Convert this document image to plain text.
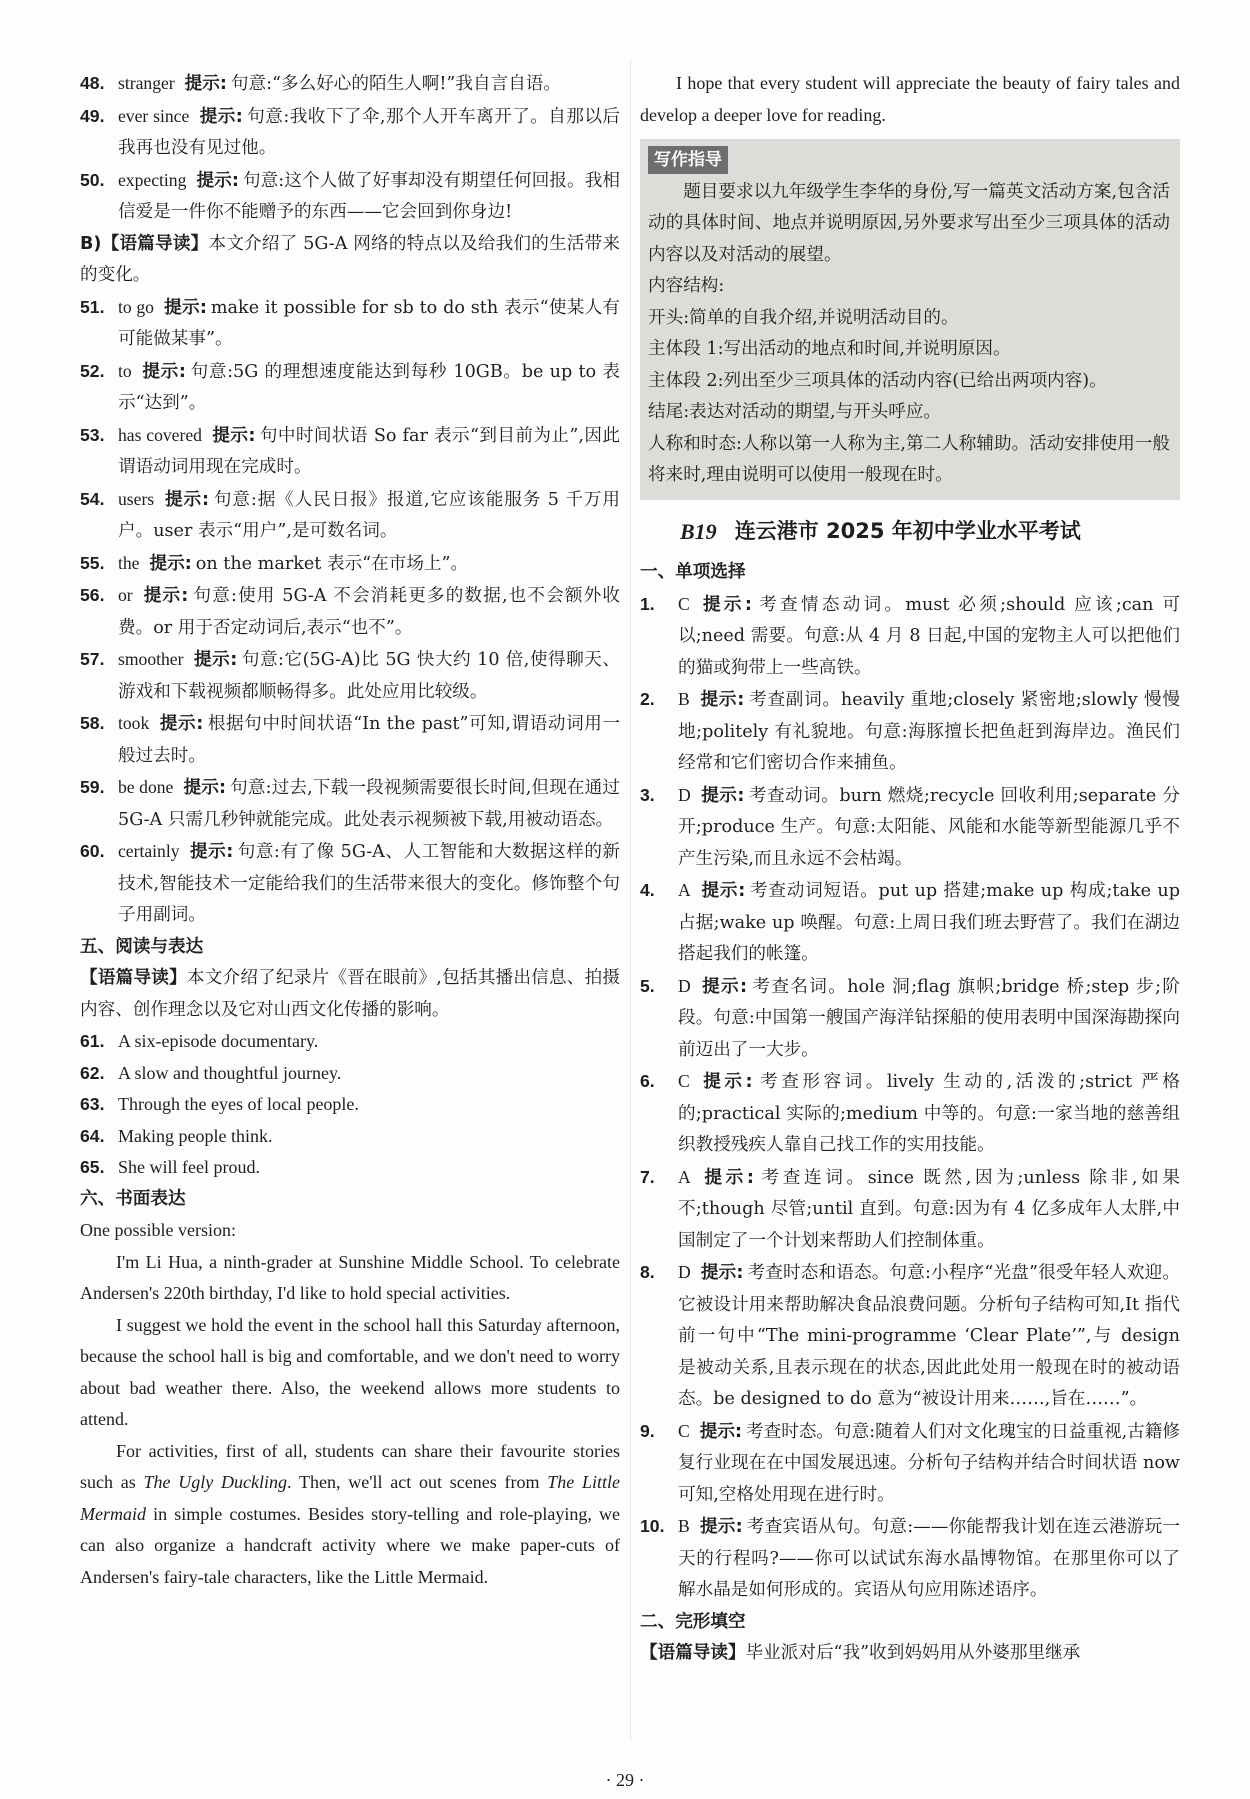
48. stranger 提示: 句意:“多么好心的陌生人啊!”我自言自语。

49. ever since 提示: 句意:我收下了伞,那个人开车离开了。自那以后我再也没有见过他。

50. expecting 提示: 句意:这个人做了好事却没有期望任何回报。我相信爱是一件你不能赠予的东西——它会回到你身边!

B)【语篇导读】本文介绍了 5G-A 网络的特点以及给我们的生活带来的变化。

51. to go 提示: make it possible for sb to do sth 表示“使某人有可能做某事”。

52. to 提示: 句意:5G 的理想速度能达到每秒 10GB。be up to 表示“达到”。

53. has covered 提示: 句中时间状语 So far 表示“到目前为止”,因此谓语动词用现在完成时。

54. users 提示: 句意:据《人民日报》报道,它应该能服务 5 千万用户。user 表示“用户”,是可数名词。

55. the 提示: on the market 表示“在市场上”。

56. or 提示: 句意:使用 5G-A 不会消耗更多的数据,也不会额外收费。or 用于否定动词后,表示“也不”。

57. smoother 提示: 句意:它(5G-A)比 5G 快大约 10 倍,使得聊天、游戏和下载视频都顺畅得多。此处应用比较级。

58. took 提示: 根据句中时间状语“In the past”可知,谓语动词用一般过去时。

59. be done 提示: 句意:过去,下载一段视频需要很长时间,但现在通过 5G-A 只需几秒钟就能完成。此处表示视频被下载,用被动语态。

60. certainly 提示: 句意:有了像 5G-A、人工智能和大数据这样的新技术,智能技术一定能给我们的生活带来很大的变化。修饰整个句子用副词。

五、阅读与表达

【语篇导读】本文介绍了纪录片《晋在眼前》,包括其播出信息、拍摄内容、创作理念以及它对山西文化传播的影响。

61. A six-episode documentary.

62. A slow and thoughtful journey.

63. Through the eyes of local people.

64. Making people think.

65. She will feel proud.

六、书面表达

One possible version:

I'm Li Hua, a ninth-grader at Sunshine Middle School. To celebrate Andersen's 220th birthday, I'd like to hold special activities.

I suggest we hold the event in the school hall this Saturday afternoon, because the school hall is big and comfortable, and we don't need to worry about bad weather there. Also, the weekend allows more students to attend.

For activities, first of all, students can share their favourite stories such as The Ugly Duckling. Then, we'll act out scenes from The Little Mermaid in simple costumes. Besides story-telling and role-playing, we can also organize a handcraft activity where we make paper-cuts of Andersen's fairy-tale characters, like the Little Mermaid.

I hope that every student will appreciate the beauty of fairy tales and develop a deeper love for reading.

写作指导

题目要求以九年级学生李华的身份,写一篇英文活动方案,包含活动的具体时间、地点并说明原因,另外要求写出至少三项具体的活动内容以及对活动的展望。

内容结构:

开头:简单的自我介绍,并说明活动目的。

主体段 1:写出活动的地点和时间,并说明原因。

主体段 2:列出至少三项具体的活动内容(已给出两项内容)。

结尾:表达对活动的期望,与开头呼应。

人称和时态:人称以第一人称为主,第二人称辅助。活动安排使用一般将来时,理由说明可以使用一般现在时。

B19 连云港市 2025 年初中学业水平考试

一、单项选择

1.	C 提示: 考查情态动词。must 必须;should 应该;can 可以;need 需要。句意:从 4 月 8 日起,中国的宠物主人可以把他们的猫或狗带上一些高铁。

2.	B 提示: 考查副词。heavily 重地;closely 紧密地;slowly 慢慢地;politely 有礼貌地。句意:海豚擅长把鱼赶到海岸边。渔民们经常和它们密切合作来捕鱼。

3.	D 提示: 考查动词。burn 燃烧;recycle 回收利用;separate 分开;produce 生产。句意:太阳能、风能和水能等新型能源几乎不产生污染,而且永远不会枯竭。

4.	A 提示: 考查动词短语。put up 搭建;make up 构成;take up 占据;wake up 唤醒。句意:上周日我们班去野营了。我们在湖边搭起我们的帐篷。

5.	D 提示: 考查名词。hole 洞;flag 旗帜;bridge 桥;step 步;阶段。句意:中国第一艘国产海洋钻探船的使用表明中国深海勘探向前迈出了一大步。

6.	C 提示: 考查形容词。lively 生动的,活泼的;strict 严格的;practical 实际的;medium 中等的。句意:一家当地的慈善组织教授残疾人靠自己找工作的实用技能。

7.	A 提示: 考查连词。since 既然,因为;unless 除非,如果不;though 尽管;until 直到。句意:因为有 4 亿多成年人太胖,中国制定了一个计划来帮助人们控制体重。

8.	D 提示: 考查时态和语态。句意:小程序“光盘”很受年轻人欢迎。它被设计用来帮助解决食品浪费问题。分析句子结构可知,It 指代前一句中“The mini-programme ‘Clear Plate’”,与 design 是被动关系,且表示现在的状态,因此此处用一般现在时的被动语态。be designed to do 意为“被设计用来……,旨在……”。

9.	C 提示: 考查时态。句意:随着人们对文化瑰宝的日益重视,古籍修复行业现在在中国发展迅速。分析句子结构并结合时间状语 now 可知,空格处用现在进行时。

10. B 提示: 考查宾语从句。句意:——你能帮我计划在连云港游玩一天的行程吗?——你可以试试东海水晶博物馆。在那里你可以了解水晶是如何形成的。宾语从句应用陈述语序。

二、完形填空

【语篇导读】毕业派对后“我”收到妈妈用从外婆那里继承

· 29 ·
